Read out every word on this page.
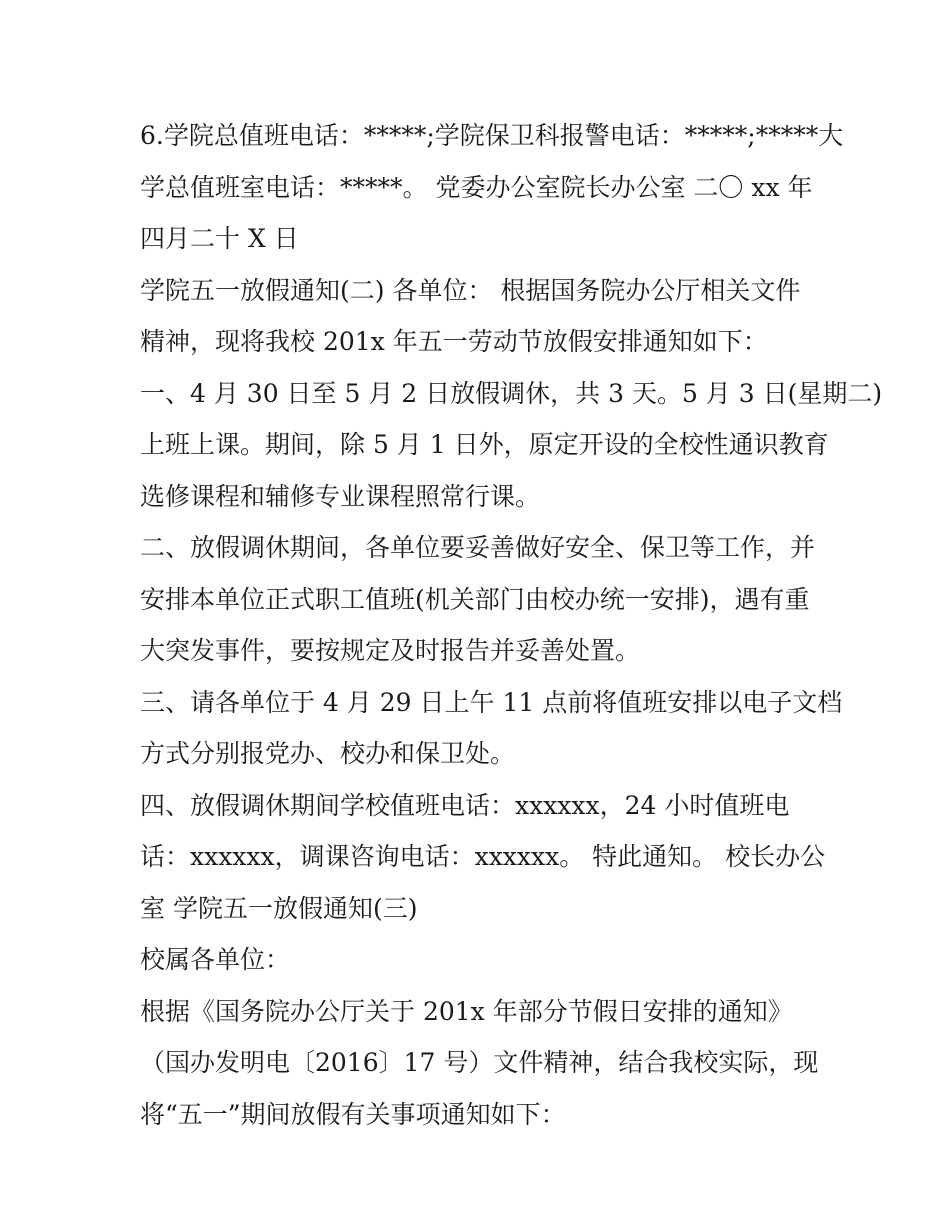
6.学院总值班电话：*****;学院保卫科报警电话：*****;*****大
学总值班室电话：*****。 党委办公室院长办公室 二〇 xx 年
四月二十 X 日
学院五一放假通知(二) 各单位： 根据国务院办公厅相关文件
精神，现将我校 201x 年五一劳动节放假安排通知如下：
一、4 月 30 日至 5 月 2 日放假调休，共 3 天。5 月 3 日(星期二)
上班上课。期间，除 5 月 1 日外，原定开设的全校性通识教育
选修课程和辅修专业课程照常行课。
二、放假调休期间，各单位要妥善做好安全、保卫等工作，并
安排本单位正式职工值班(机关部门由校办统一安排)，遇有重
大突发事件，要按规定及时报告并妥善处置。
三、请各单位于 4 月 29 日上午 11 点前将值班安排以电子文档
方式分别报党办、校办和保卫处。
四、放假调休期间学校值班电话：xxxxxx，24 小时值班电
话：xxxxxx，调课咨询电话：xxxxxx。 特此通知。 校长办公
室 学院五一放假通知(三)
校属各单位：
根据《国务院办公厅关于 201x 年部分节假日安排的通知》
（国办发明电〔2016〕17 号）文件精神，结合我校实际，现
将“五一”期间放假有关事项通知如下：
